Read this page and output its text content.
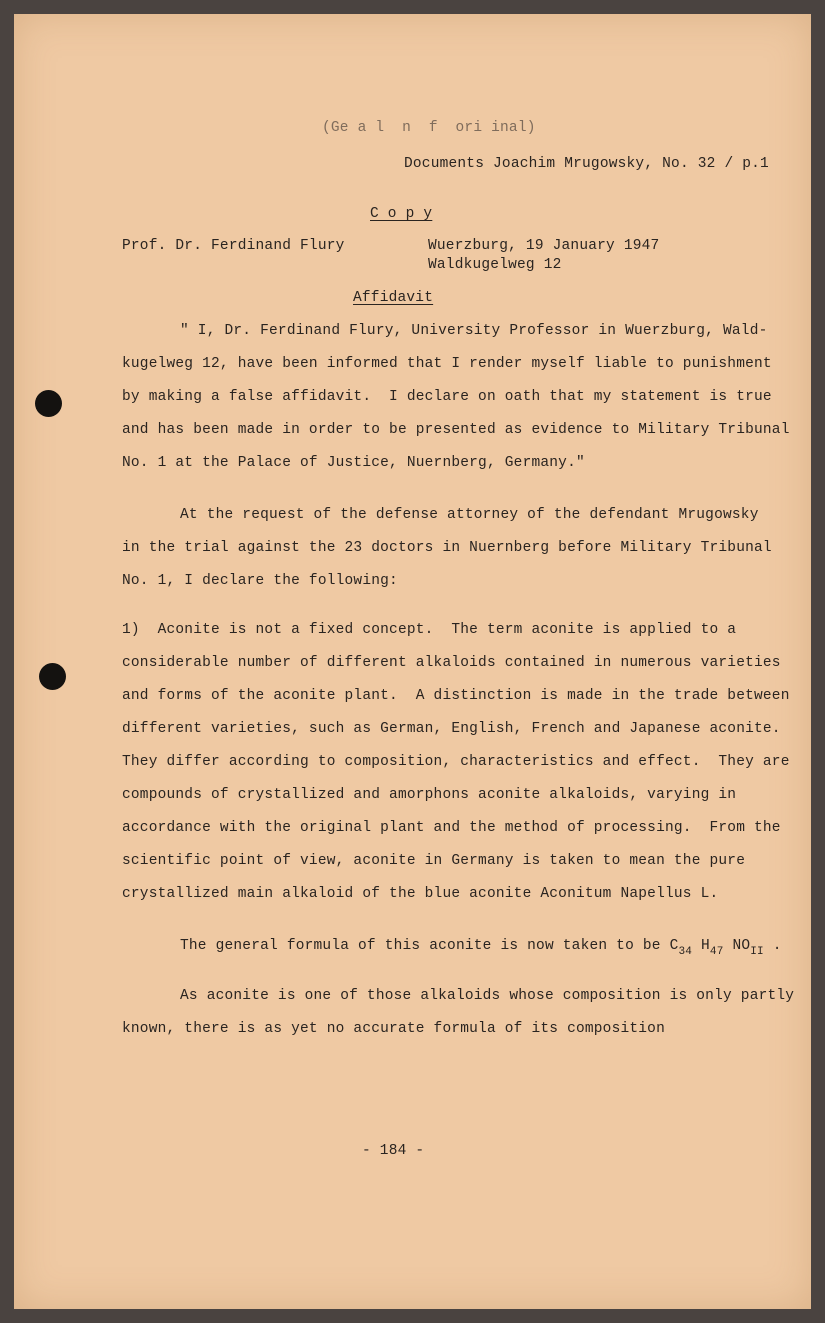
(Ge a l  n  f  ori inal)

Documents Joachim Mrugowsky, No. 32 / p.1

C o p y

Prof. Dr. Ferdinand Flury	Wuerzburg, 19 January 1947

Waldkugelweg 12

Affidavit

" I, Dr. Ferdinand Flury, University Professor in Wuerzburg, Wald-

kugelweg 12, have been informed that I render myself liable to punishment

by making a false affidavit.  I declare on oath that my statement is true

and has been made in order to be presented as evidence to Military Tribunal

No. 1 at the Palace of Justice, Nuernberg, Germany."

At the request of the defense attorney of the defendant Mrugowsky

in the trial against the 23 doctors in Nuernberg before Military Tribunal

No. 1, I declare the following:

1)  Aconite is not a fixed concept.  The term aconite is applied to a

considerable number of different alkaloids contained in numerous varieties

and forms of the aconite plant.  A distinction is made in the trade between

different varieties, such as German, English, French and Japanese aconite.

They differ according to composition, characteristics and effect.  They are

compounds of crystallized and amorphons aconite alkaloids, varying in

accordance with the original plant and the method of processing.  From the

scientific point of view, aconite in Germany is taken to mean the pure

crystallized main alkaloid of the blue aconite Aconitum Napellus L.

The general formula of this aconite is now taken to be $C_{34}$ $H_{47}$ $NO_{II}$ .

As aconite is one of those alkaloids whose composition is only partly

known, there is as yet no accurate formula of its composition

- 184 -
